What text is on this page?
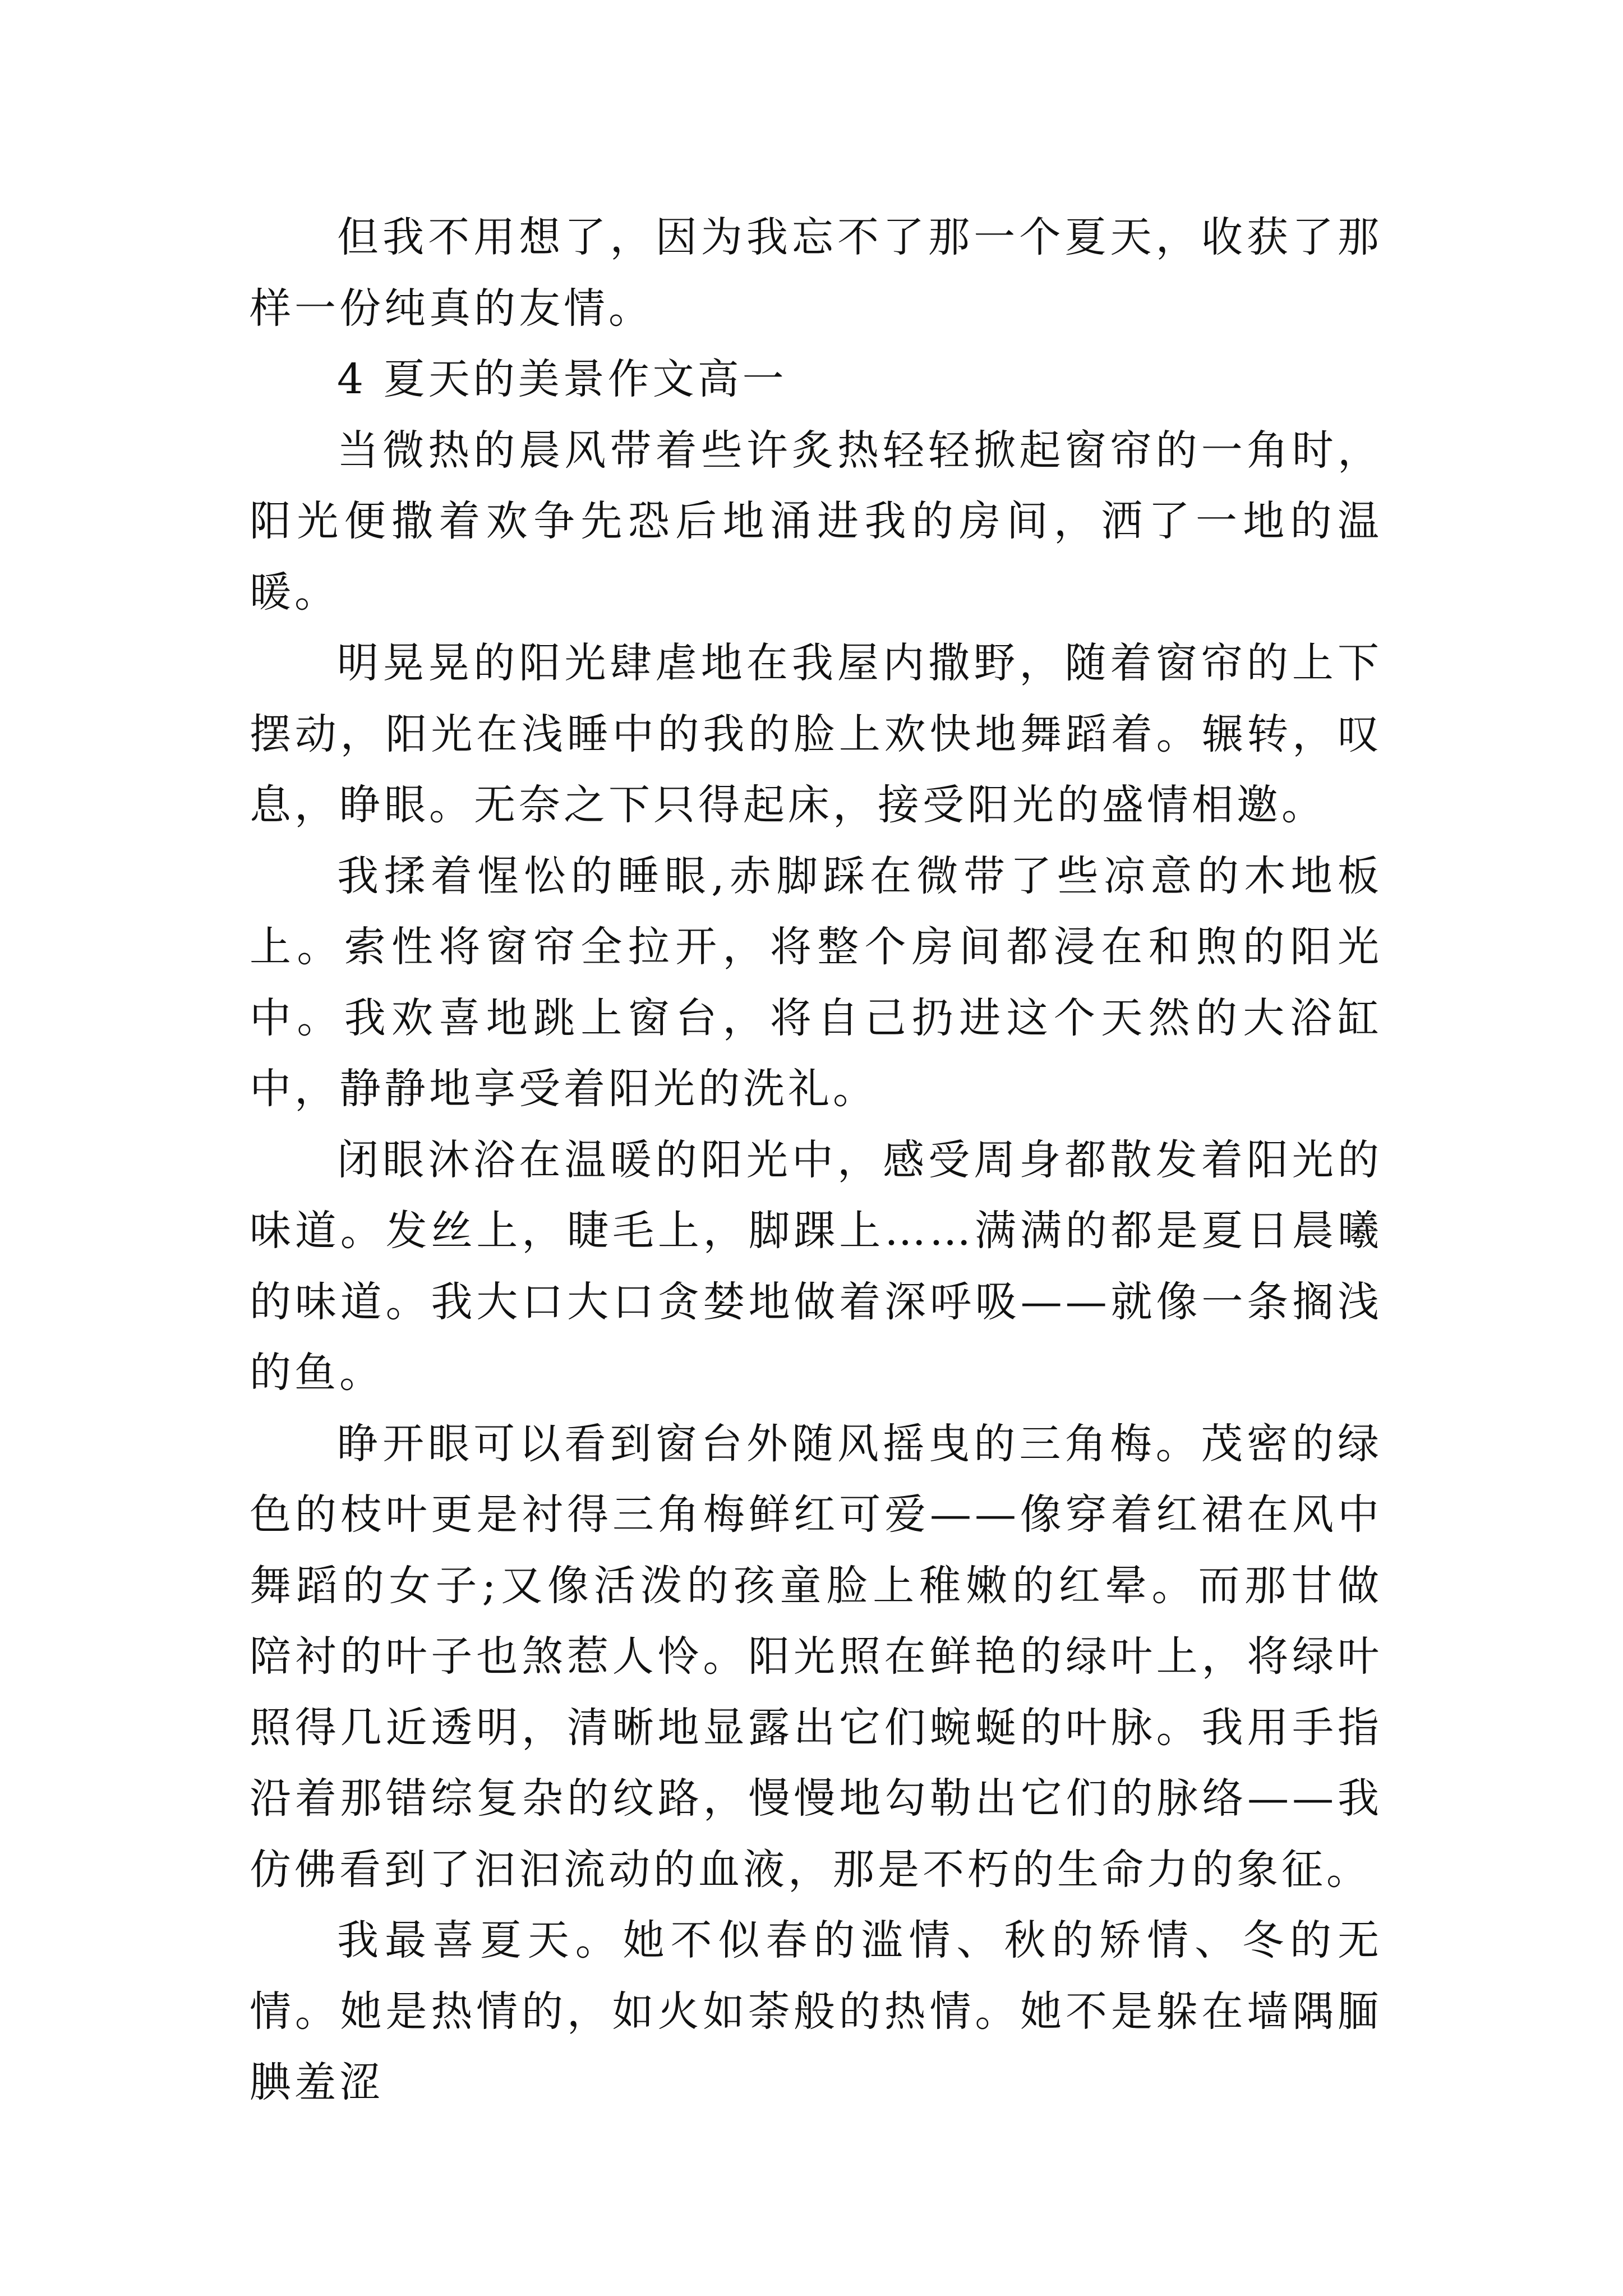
但我不用想了，因为我忘不了那一个夏天，收获了那样一份纯真的友情。

4 夏天的美景作文高一

当微热的晨风带着些许炙热轻轻掀起窗帘的一角时，阳光便撒着欢争先恐后地涌进我的房间，洒了一地的温暖。

明晃晃的阳光肆虐地在我屋内撒野，随着窗帘的上下摆动，阳光在浅睡中的我的脸上欢快地舞蹈着。辗转，叹息，睁眼。无奈之下只得起床，接受阳光的盛情相邀。

我揉着惺忪的睡眼,赤脚踩在微带了些凉意的木地板上。索性将窗帘全拉开，将整个房间都浸在和煦的阳光中。我欢喜地跳上窗台，将自己扔进这个天然的大浴缸中，静静地享受着阳光的洗礼。

闭眼沐浴在温暖的阳光中，感受周身都散发着阳光的味道。发丝上，睫毛上，脚踝上……满满的都是夏日晨曦的味道。我大口大口贪婪地做着深呼吸——就像一条搁浅的鱼。

睁开眼可以看到窗台外随风摇曳的三角梅。茂密的绿色的枝叶更是衬得三角梅鲜红可爱——像穿着红裙在风中舞蹈的女子;又像活泼的孩童脸上稚嫩的红晕。而那甘做陪衬的叶子也煞惹人怜。阳光照在鲜艳的绿叶上，将绿叶照得几近透明，清晰地显露出它们蜿蜒的叶脉。我用手指沿着那错综复杂的纹路，慢慢地勾勒出它们的脉络——我仿佛看到了汩汩流动的血液，那是不朽的生命力的象征。

我最喜夏天。她不似春的滥情、秋的矫情、冬的无情。她是热情的，如火如荼般的热情。她不是躲在墙隅腼腆羞涩
